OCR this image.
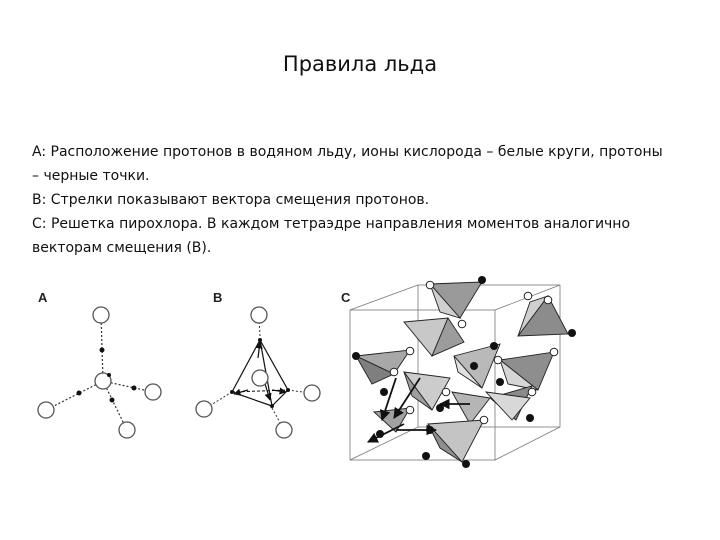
Правила льда

A: Расположение протонов в водяном льду, ионы кислорода – белые круги, протоны – черные точки.

B: Стрелки показывают вектора смещения протонов.

C: Решетка пирохлора. В каждом тетраэдре направления моментов аналогично векторам смещения (B).

A	B	C
